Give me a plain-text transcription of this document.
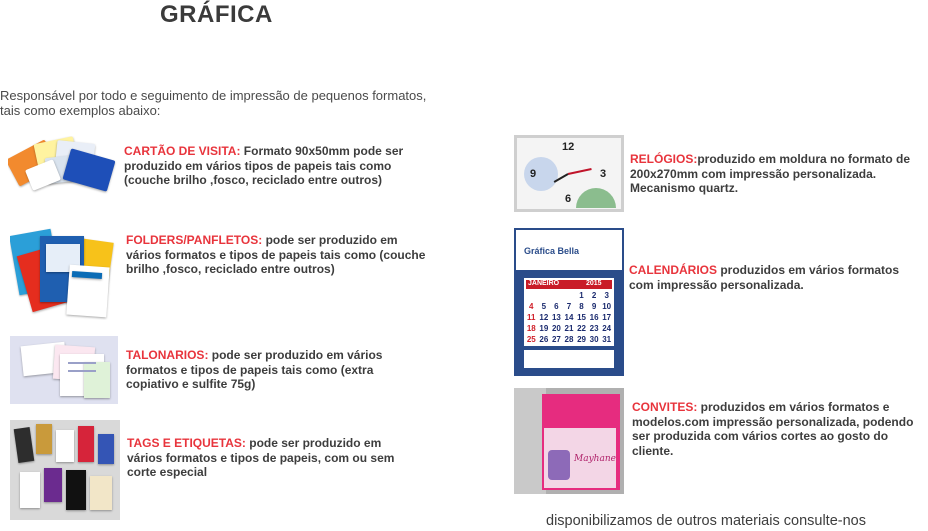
GRÁFICA
Responsável por todo e seguimento de impressão de pequenos formatos, tais como exemplos abaixo:
CARTÃO DE VISITA: Formato 90x50mm pode ser produzido em vários tipos de papeis tais como (couche brilho ,fosco, reciclado entre outros)
FOLDERS/PANFLETOS: pode ser produzido em vários formatos e tipos de papeis tais como (couche brilho ,fosco, reciclado entre outros)
TALONARIOS: pode ser produzido em vários formatos e tipos de papeis tais como (extra copiativo e sulfite 75g)
TAGS E ETIQUETAS: pode ser produzido em vários formatos e tipos de papeis, com ou sem corte especial
12
3
6
9
RELÓGIOS:produzido em moldura no formato de 200x270mm com impressão personalizada. Mecanismo quartz.
Gráfica Bella
JANEIRO	2015
				1	2	3
4	5	6	7	8	9	10
11	12	13	14	15	16	17
18	19	20	21	22	23	24
25	26	27	28	29	30	31
CALENDÁRIOS produzidos em vários formatos com impressão personalizada.
Mayhane
CONVITES: produzidos em vários formatos e modelos.com impressão personalizada, podendo ser produzida com vários cortes ao gosto do cliente.
disponibilizamos de outros materiais consulte-nos
